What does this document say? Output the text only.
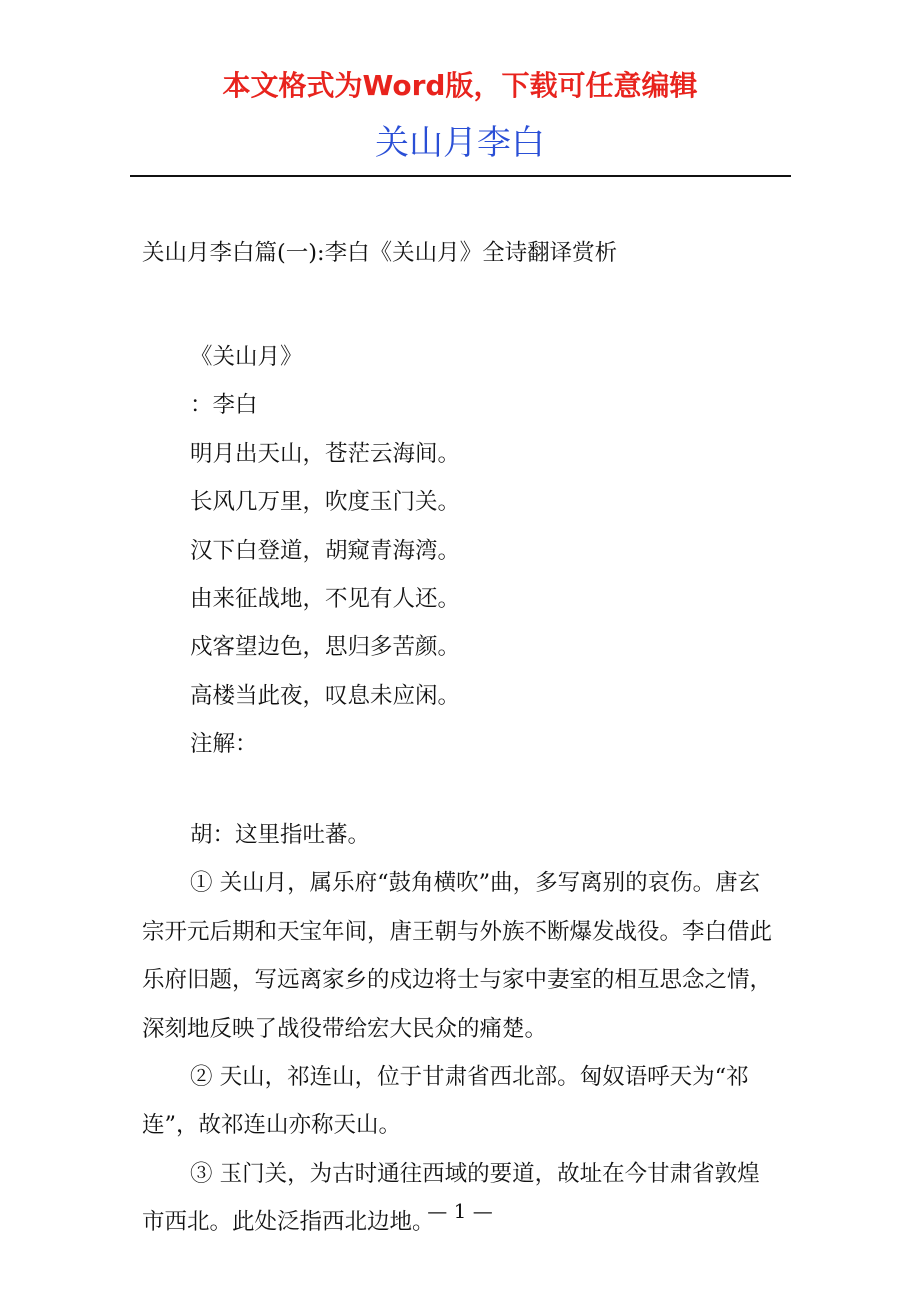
本文格式为Word版，下载可任意编辑
关山月李白
关山月李白篇(一):李白《关山月》全诗翻译赏析
《关山月》
：李白
明月出天山，苍茫云海间。
长风几万里，吹度玉门关。
汉下白登道，胡窥青海湾。
由来征战地，不见有人还。
戍客望边色，思归多苦颜。
高楼当此夜，叹息未应闲。
注解：
胡：这里指吐蕃。
① 关山月，属乐府“鼓角横吹”曲，多写离别的哀伤。唐玄宗开元后期和天宝年间，唐王朝与外族不断爆发战役。李白借此乐府旧题，写远离家乡的戍边将士与家中妻室的相互思念之情，深刻地反映了战役带给宏大民众的痛楚。
② 天山，祁连山，位于甘肃省西北部。匈奴语呼天为“祁连”，故祁连山亦称天山。
③ 玉门关，为古时通往西域的要道，故址在今甘肃省敦煌市西北。此处泛指西北边地。
— 1 —
